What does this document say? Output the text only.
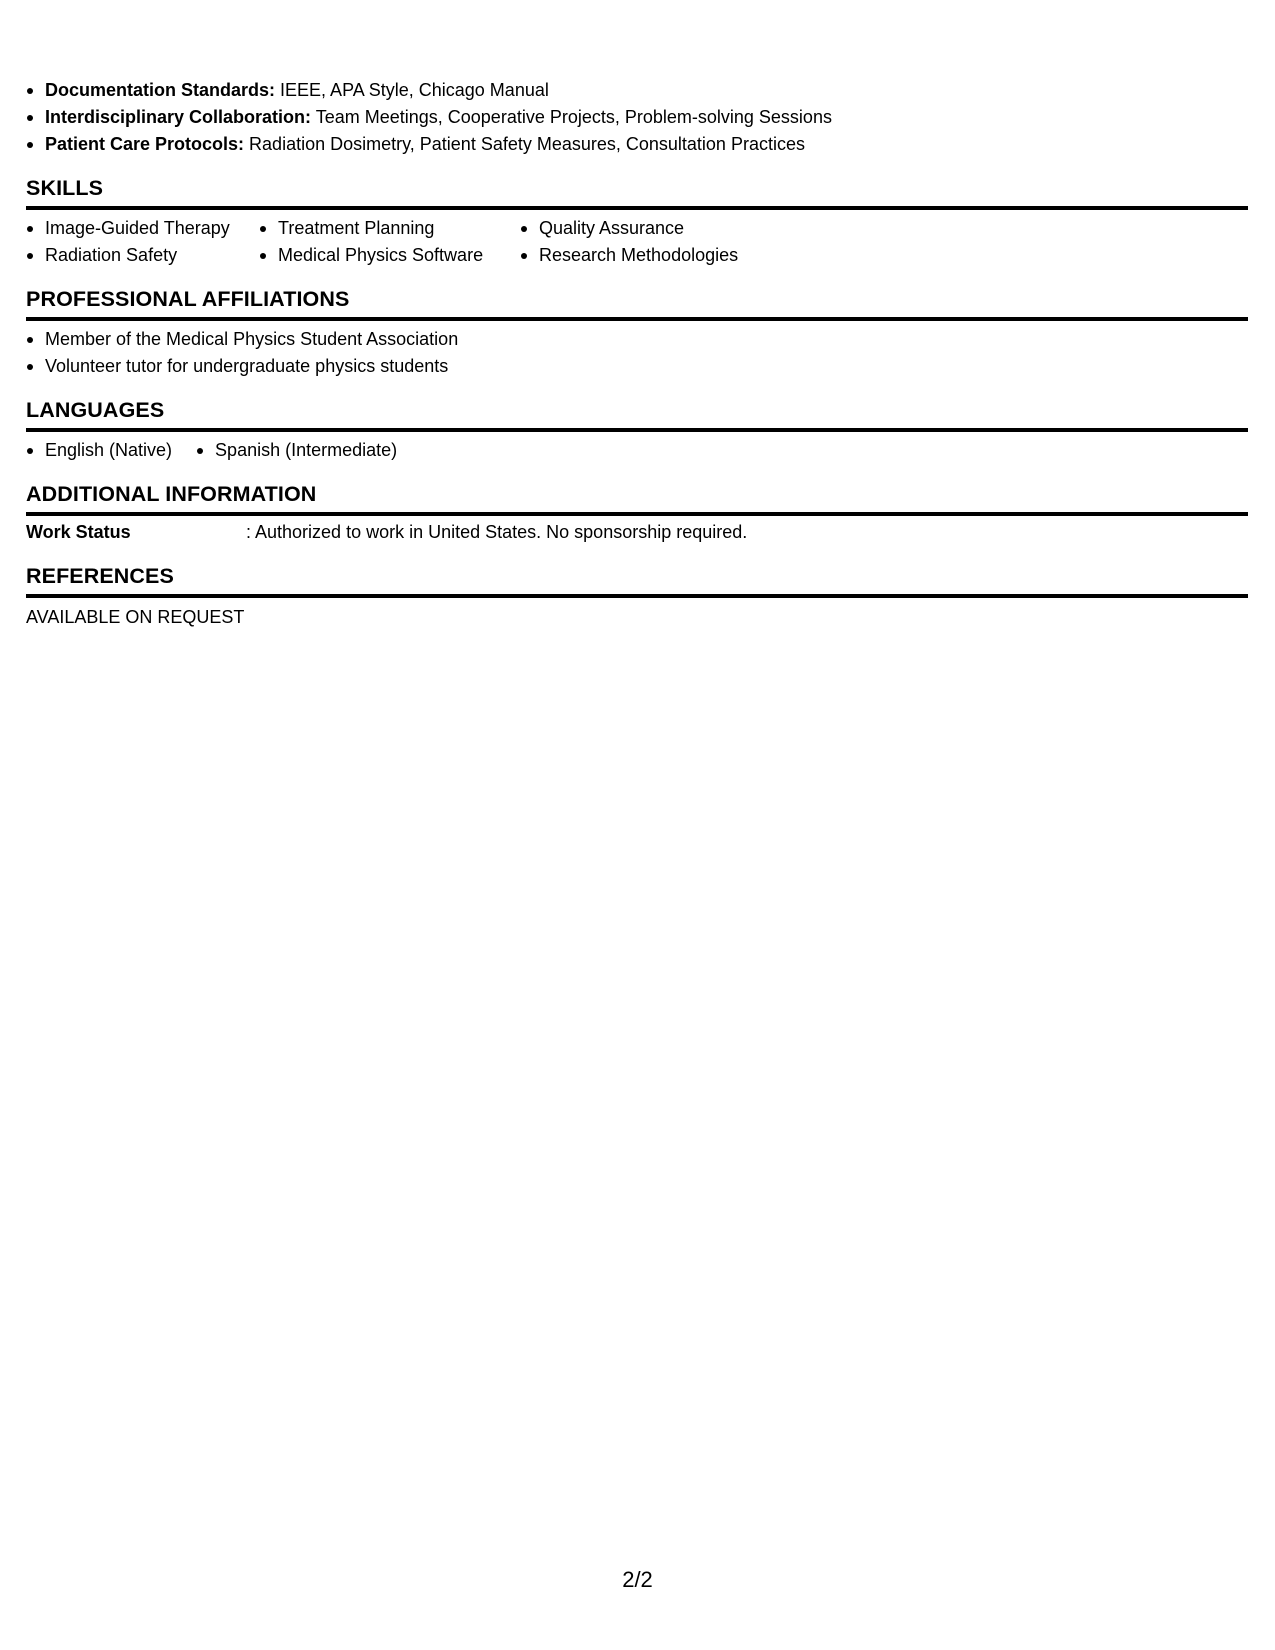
Documentation Standards: IEEE, APA Style, Chicago Manual
Interdisciplinary Collaboration: Team Meetings, Cooperative Projects, Problem-solving Sessions
Patient Care Protocols: Radiation Dosimetry, Patient Safety Measures, Consultation Practices
SKILLS
Image-Guided Therapy
Radiation Safety
Treatment Planning
Medical Physics Software
Quality Assurance
Research Methodologies
PROFESSIONAL AFFILIATIONS
Member of the Medical Physics Student Association
Volunteer tutor for undergraduate physics students
LANGUAGES
English (Native)	Spanish (Intermediate)
ADDITIONAL INFORMATION
Work Status	: Authorized to work in United States. No sponsorship required.
REFERENCES
AVAILABLE ON REQUEST
2/2
